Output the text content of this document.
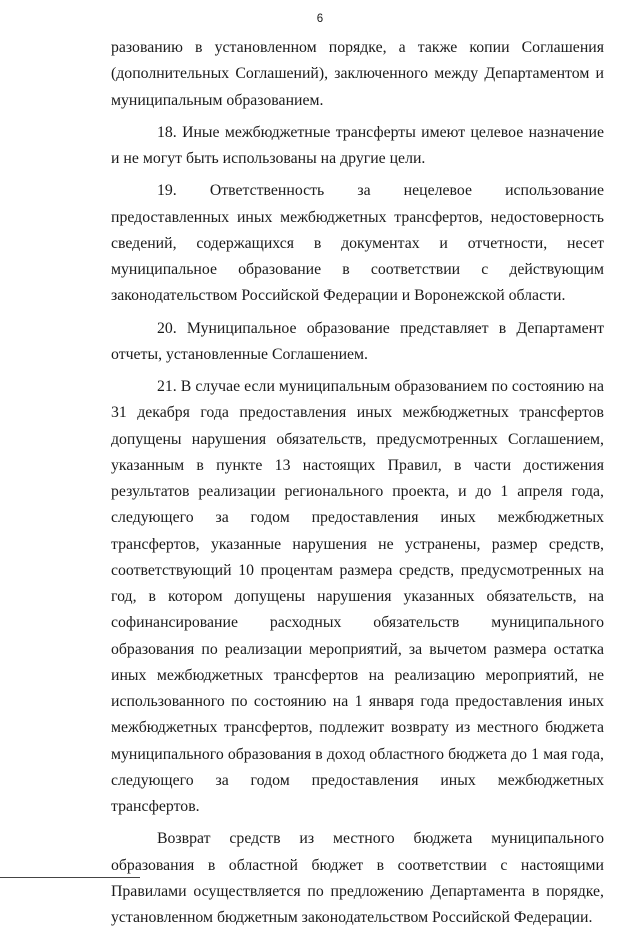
6

разованию в установленном порядке, а также копии Соглашения (дополнительных Соглашений), заключенного между Департаментом и муниципальным образованием.

18. Иные межбюджетные трансферты имеют целевое назначение и не могут быть использованы на другие цели.

19. Ответственность за нецелевое использование предоставленных иных межбюджетных трансфертов, недостоверность сведений, содержащихся в документах и отчетности, несет муниципальное образование в соответствии с действующим законодательством Российской Федерации и Воронежской области.

20. Муниципальное образование представляет в Департамент отчеты, установленные Соглашением.

21. В случае если муниципальным образованием по состоянию на 31 декабря года предоставления иных межбюджетных трансфертов допущены нарушения обязательств, предусмотренных Соглашением, указанным в пункте 13 настоящих Правил, в части достижения результатов реализации регионального проекта, и до 1 апреля года, следующего за годом предоставления иных межбюджетных трансфертов, указанные нарушения не устранены, размер средств, соответствующий 10 процентам размера средств, предусмотренных на год, в котором допущены нарушения указанных обязательств, на софинансирование расходных обязательств муниципального образования по реализации мероприятий, за вычетом размера остатка иных межбюджетных трансфертов на реализацию мероприятий, не использованного по состоянию на 1 января года предоставления иных межбюджетных трансфертов, подлежит возврату из местного бюджета муниципального образования в доход областного бюджета до 1 мая года, следующего за годом предоставления иных межбюджетных трансфертов.

Возврат средств из местного бюджета муниципального образования в областной бюджет в соответствии с настоящими Правилами осуществляется по предложению Департамента в порядке, установленном бюджетным законодательством Российской Федерации.
